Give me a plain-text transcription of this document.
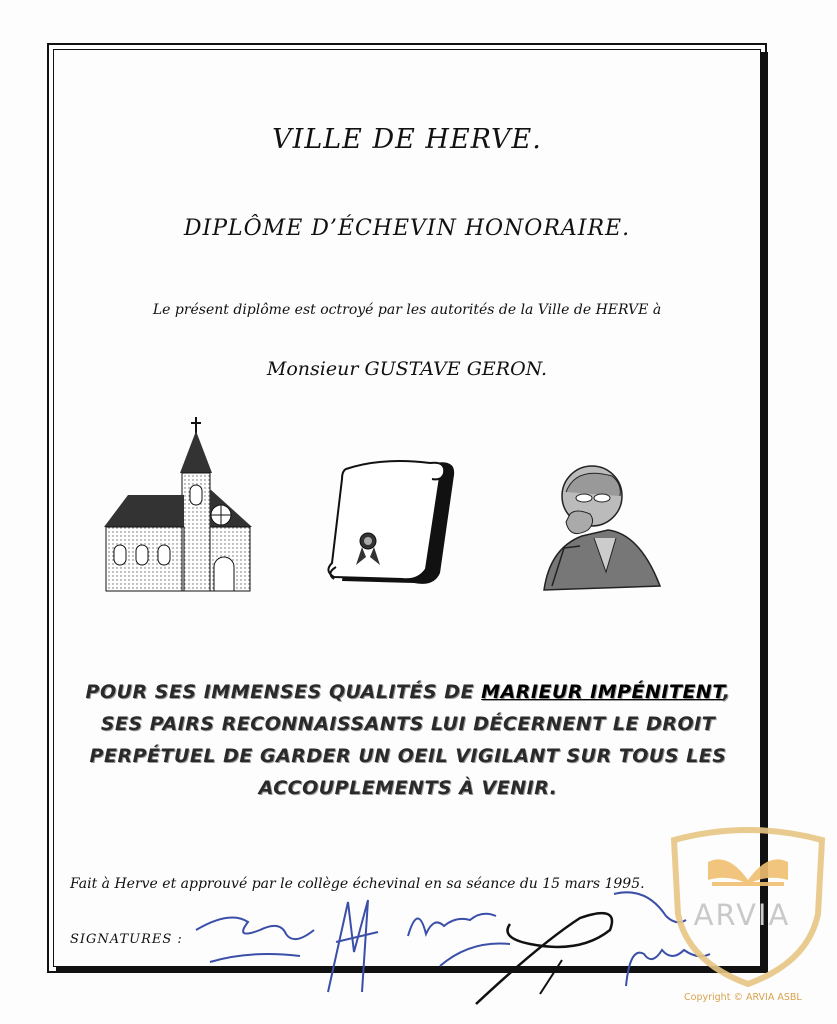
VILLE DE HERVE.
DIPLÔME D’ÉCHEVIN HONORAIRE.
Le présent diplôme est octroyé par les autorités de la Ville de HERVE à
Monsieur GUSTAVE GERON.
POUR SES IMMENSES QUALITÉS DE MARIEUR IMPÉNITENT, SES PAIRS RECONNAISSANTS LUI DÉCERNENT LE DROIT PERPÉTUEL DE GARDER UN OEIL VIGILANT SUR TOUS LES ACCOUPLEMENTS À VENIR.
Fait à Herve et approuvé par le collège échevinal en sa séance du 15 mars 1995.
SIGNATURES :
ARVIA
Copyright © ARVIA ASBL
